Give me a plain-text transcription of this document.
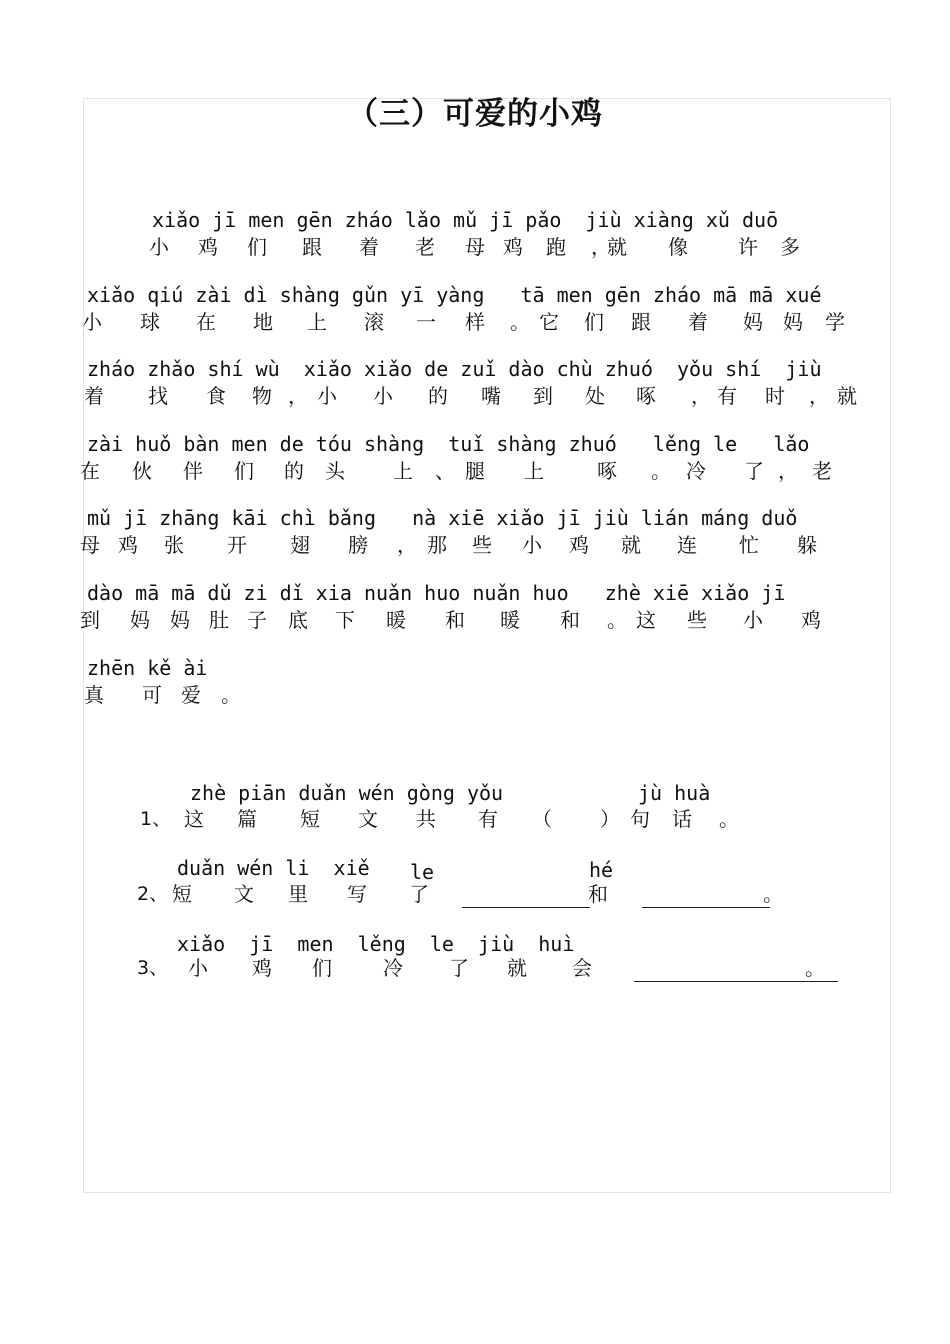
（三）可爱的小鸡
xiǎo jī men gēn zháo lǎo mǔ jī pǎo  jiù xiàng xǔ duō
小 鸡 们 跟 着 老 母 鸡 跑 ，
就 像	许 多
xiǎo qiú zài dì shàng gǔn yī yàng   tā men gēn zháo mā mā xué
小 球 在 地 上 滚 一 样 。 它 们 跟 着 妈 妈 学
zháo zhǎo shí wù  xiǎo xiǎo de zuǐ dào chù zhuó  yǒu shí  jiù
着 找 食 物 ， 小 小 的 嘴 到 处 啄 ， 有 时 ， 就
zài huǒ bàn men de tóu shàng  tuǐ shàng zhuó   lěng le   lǎo
在 伙 伴 们 的 头 上 、 腿 上	啄 。 冷 了 ， 老
mǔ jī zhāng kāi chì bǎng   nà xiē xiǎo jī jiù lián máng duǒ
母 鸡 张 开 翅 膀 ， 那 些 小 鸡 就 连 忙 躲
dào mā mā dǔ zi dǐ xia nuǎn huo nuǎn huo   zhè xiē xiǎo jī
到 妈 妈 肚 子 底 下 暖 和 暖 和 。 这 些 小 鸡
zhēn kě ài
真 可 爱 。
1、
zhè piān duǎn wén gòng yǒu	jù huà
这 篇 短 文 共 有 （ ） 句 话 。
2、
duǎn wén li  xiě le	hé
短 文 里 写 了	和	。
3、
xiǎo  jī  men  lěng  le  jiù  huì
小 鸡 们	冷 了 就 会	。
